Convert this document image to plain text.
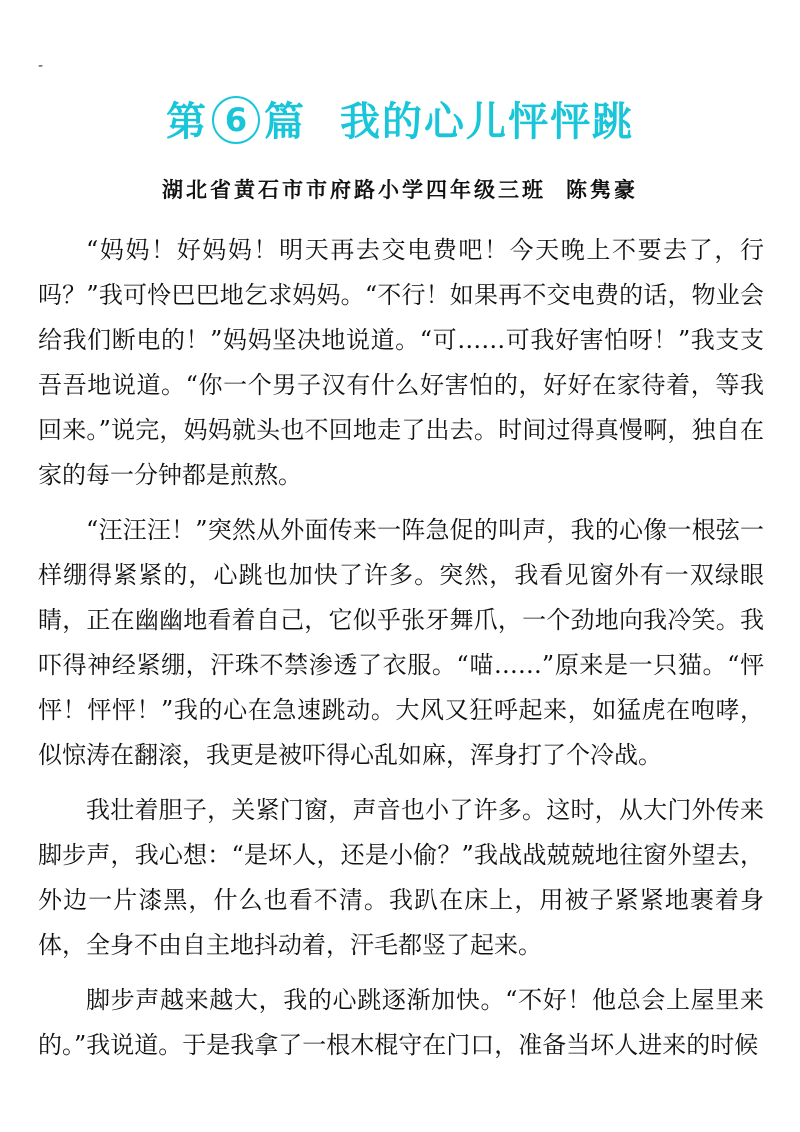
-
第 6 篇 我的心儿怦怦跳
湖北省黄石市市府路小学四年级三班 陈隽豪

“妈妈！好妈妈！明天再去交电费吧！今天晚上不要去了，行吗？”我可怜巴巴地乞求妈妈。“不行！如果再不交电费的话，物业会给我们断电的！”妈妈坚决地说道。“可……可我好害怕呀！”我支支吾吾地说道。“你一个男子汉有什么好害怕的，好好在家待着，等我回来。”说完，妈妈就头也不回地走了出去。时间过得真慢啊，独自在家的每一分钟都是煎熬。

“汪汪汪！”突然从外面传来一阵急促的叫声，我的心像一根弦一样绷得紧紧的，心跳也加快了许多。突然，我看见窗外有一双绿眼睛，正在幽幽地看着自己，它似乎张牙舞爪，一个劲地向我冷笑。我吓得神经紧绷，汗珠不禁渗透了衣服。“喵……”原来是一只猫。“怦怦！怦怦！”我的心在急速跳动。大风又狂呼起来，如猛虎在咆哮，似惊涛在翻滚，我更是被吓得心乱如麻，浑身打了个冷战。

我壮着胆子，关紧门窗，声音也小了许多。这时，从大门外传来脚步声，我心想：“是坏人，还是小偷？”我战战兢兢地往窗外望去，外边一片漆黑，什么也看不清。我趴在床上，用被子紧紧地裹着身体，全身不由自主地抖动着，汗毛都竖了起来。

脚步声越来越大，我的心跳逐渐加快。“不好！他总会上屋里来的。”我说道。于是我拿了一根木棍守在门口，准备当坏人进来的时候
